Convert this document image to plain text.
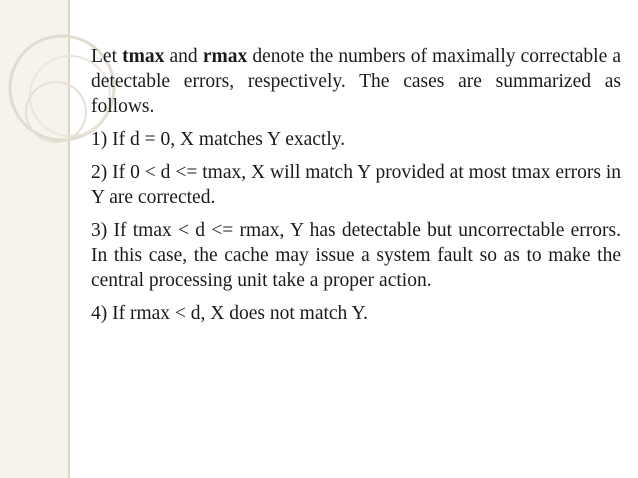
Let tmax and rmax denote the numbers of maximally correctable a detectable errors, respectively. The cases are summarized as follows.

1) If d = 0, X matches Y exactly.

2) If 0 < d <= tmax, X will match Y provided at most tmax errors in Y are corrected.

3) If tmax < d <= rmax, Y has detectable but uncorrectable errors. In this case, the cache may issue a system fault so as to make the central processing unit take a proper action.

4) If rmax < d, X does not match Y.
